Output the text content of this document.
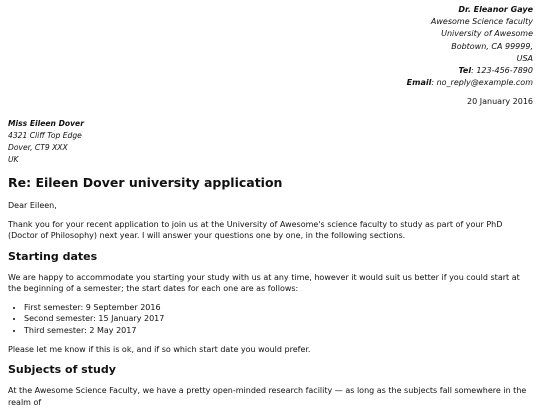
Dr. Eleanor Gaye
Awesome Science faculty
University of Awesome
Bobtown, CA 99999,
USA
Tel: 123-456-7890
Email: no_reply@example.com
20 January 2016
Miss Eileen Dover
4321 Cliff Top Edge
Dover, CT9 XXX
UK
Re: Eileen Dover university application

Dear Eileen,

Thank you for your recent application to join us at the University of Awesome's science faculty to study as part of your PhD (Doctor of Philosophy) next year. I will answer your questions one by one, in the following sections.

Starting dates

We are happy to accommodate you starting your study with us at any time, however it would suit us better if you could start at the beginning of a semester; the start dates for each one are as follows:

• First semester: 9 September 2016
• Second semester: 15 January 2017
• Third semester: 2 May 2017

Please let me know if this is ok, and if so which start date you would prefer.

Subjects of study

At the Awesome Science Faculty, we have a pretty open-minded research facility — as long as the subjects fall somewhere in the realm of
